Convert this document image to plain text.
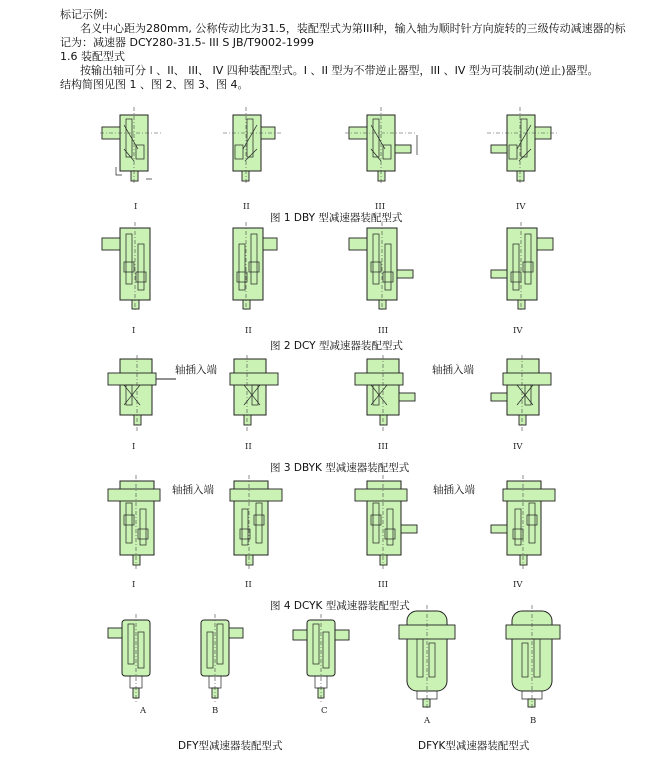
标记示例:
名义中心距为280mm, 公称传动比为31.5，装配型式为第III种，输入轴为顺时针方向旋转的三级传动减速器的标
记为：减速器 DCY280-31.5- III S JB/T9002-1999
1.6 装配型式
按输出轴可分 I 、II、 III、 IV 四种装配型式。I 、II 型为不带逆止器型，III 、IV 型为可装制动(逆止)器型。
结构简图见图 1 、图 2、图 3、图 4。
I	II	III	IV
图 1 DBY 型减速器装配型式
I	II	III	IV
图 2 DCY 型减速器装配型式
轴插入端	轴插入端
I	II	III	IV
图 3 DBYK 型减速器装配型式
轴插入端	轴插入端
I	II	III	IV
图 4 DCYK 型减速器装配型式
A	B	C
A	B
DFY型减速器装配型式	DFYK型减速器装配型式
